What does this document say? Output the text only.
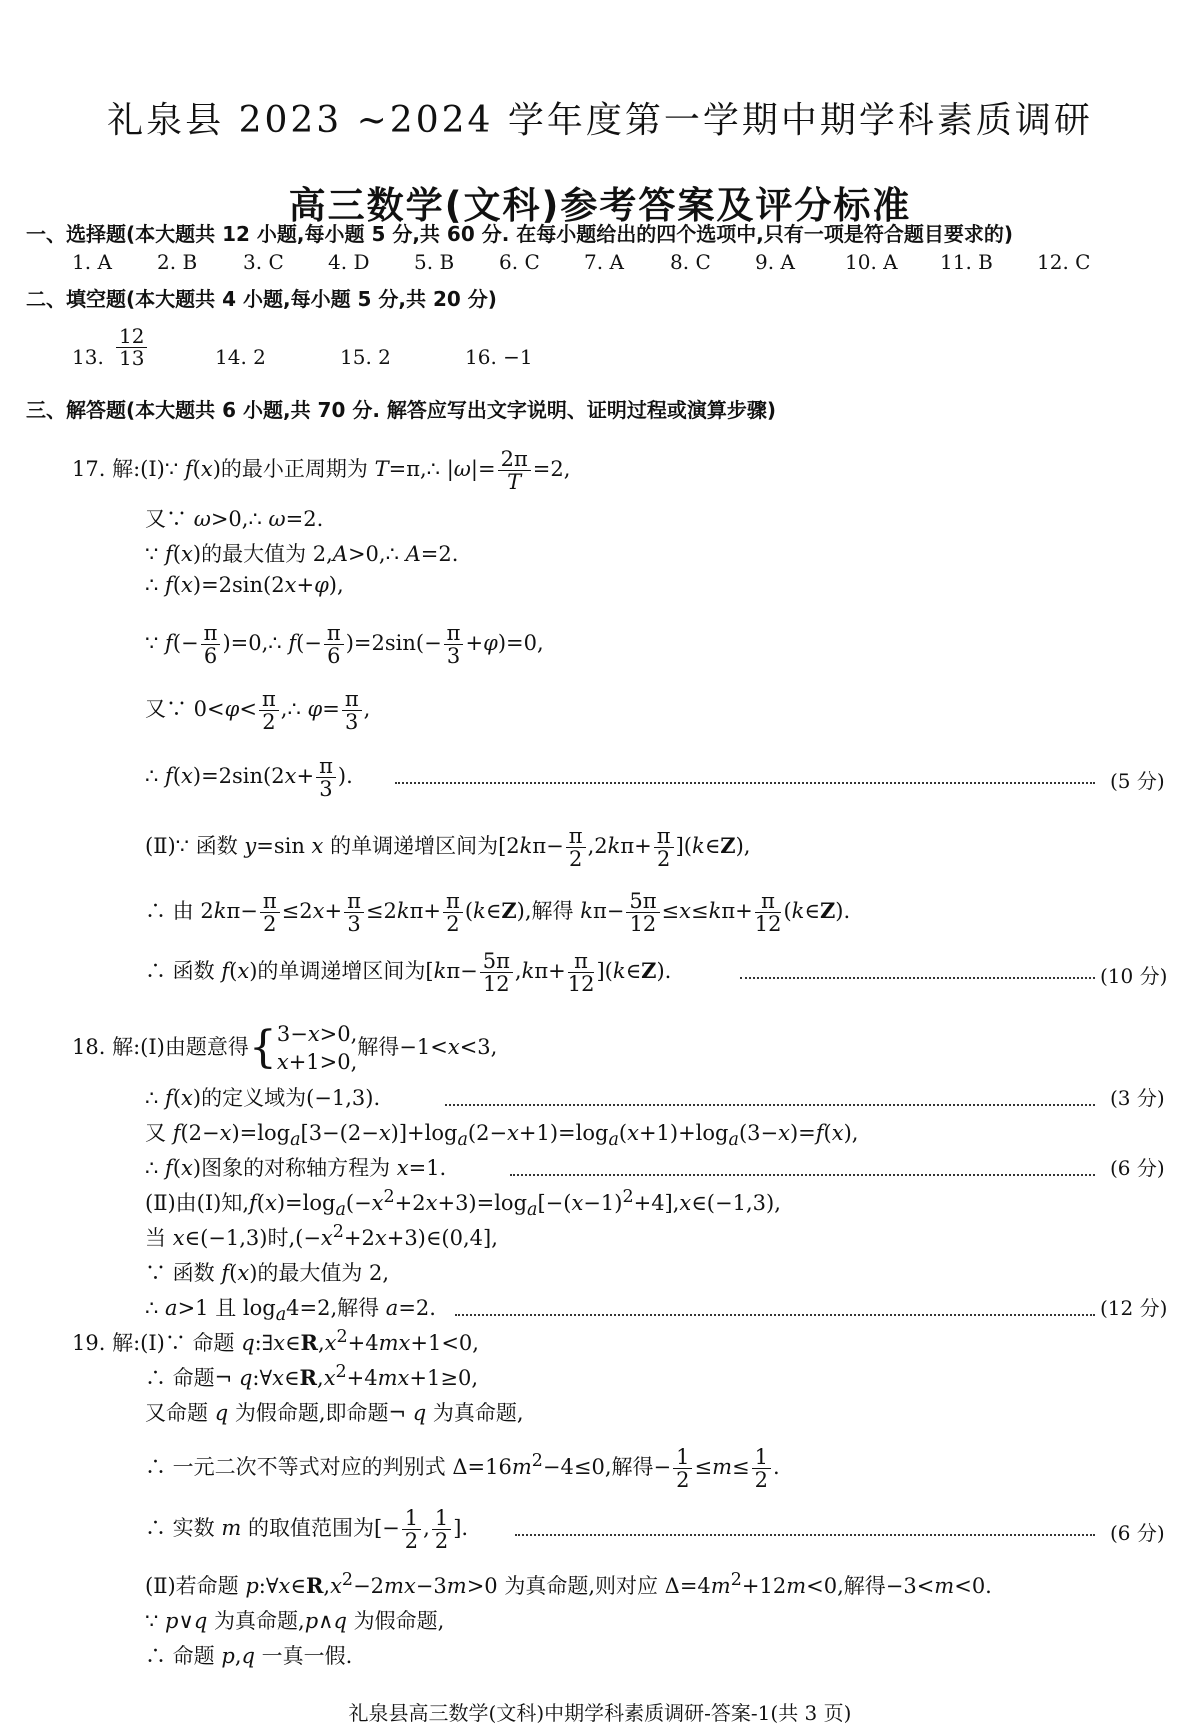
礼泉县 2023 ~2024 学年度第一学期中期学科素质调研
高三数学(文科)参考答案及评分标准
一、选择题(本大题共 12 小题,每小题 5 分,共 60 分. 在每小题给出的四个选项中,只有一项是符合题目要求的)
1. A 2. B 3. C 4. D 5. B 6. C 7. A 8. C 9. A	10. A 11. B 12. C
二、填空题(本大题共 4 小题,每小题 5 分,共 20 分)
13. $\frac{12}{13}$	14. 2	15. 2	16. −1
三、解答题(本大题共 6 小题,共 70 分. 解答应写出文字说明、证明过程或演算步骤)
17. 解:(Ⅰ)∵ f(x)的最小正周期为 T=π,∴ $|\omega|= \frac{2\pi}{T} =2$,
又∵ ω>0,∴ ω=2.
∵ f(x)的最大值为 2,A>0,∴ A=2.
∴ f(x)=2sin(2x+φ),
∵ $f(- \frac{\pi}{6}$ )=0,∴ $f(- \frac{\pi}{6} )=2\sin(- \frac{\pi}{3} +\varphi)=0$,
又∵ $0<\varphi< \frac{\pi}{2}$ ,∴ $\varphi= \frac{\pi}{3}$ ,
∴ $f(x)=2\sin(2x+ \frac{\pi}{3}$ ).	(5 分)
(Ⅱ)∵ 函数 y=sin x 的单调递增区间为[$2k\pi- \frac{\pi}{2} ,2k\pi+ \frac{\pi}{2}$ ](k∈Z),
∴ 由 $2k\pi- \frac{\pi}{2} \le 2x+ \frac{\pi}{3} \le 2k\pi+ \frac{\pi}{2}$ (k∈Z),解得 $k\pi- \frac{5\pi}{12} \le x\le k\pi+ \frac{\pi}{12}$ (k∈Z).
∴ 函数 f(x)的单调递增区间为[$k\pi- \frac{5\pi}{12} ,k\pi+ \frac{\pi}{12}$ ](k∈Z).	(10 分)
18. 解:(Ⅰ)由题意得{3−x>0,
x+1>0,解得−1<x<3,
∴ f(x)的定义域为(−1,3).	(3 分)
又 $f(2-x)=\log_a[3-(2-x)]+\log_a(2-x+1)=\log_a(x+1)+\log_a(3-x)=f(x)$,
∴ f(x)图象的对称轴方程为 x=1.	(6 分)
(Ⅱ)由(Ⅰ)知$,f(x)=\log_a(-x^2+2x+3)=\log_a[-(x-1)^2+4],x\in(-1,3)$,
当 x∈(−1,3)时$,(-x^2+2x+3)\in(0,4]$,
∵ 函数 f(x)的最大值为 2,
∴ a>1 且 $\log_a4=2$,解得 a=2.	(12 分)
19. 解:(Ⅰ)∵ 命题 $q:\exists x\in R,x^2+4mx+1<0$,
∴ 命题¬ $q:\forall x\in R,x^2+4mx+1\ge 0$,
又命题 q 为假命题,即命题¬ q 为真命题,
∴ 一元二次不等式对应的判别式 $\Delta=16m^2-4\le 0$,解得− $\frac{1}{2} \le m\le \frac{1}{2}$ .
∴ 实数 m 的取值范围为[− $\frac{1}{2}$ , $\frac{1}{2}$ ].	(6 分)
(Ⅱ)若命题 $p:\forall x\in R,x^2-2mx-3m>0$ 为真命题,则对应 $\Delta=4m^2+12m<0$,解得−3<m<0.
∵ p∨q 为真命题,p∧q 为假命题,
∴ 命题 p,q 一真一假.
礼泉县高三数学(文科)中期学科素质调研-答案-1(共 3 页)
